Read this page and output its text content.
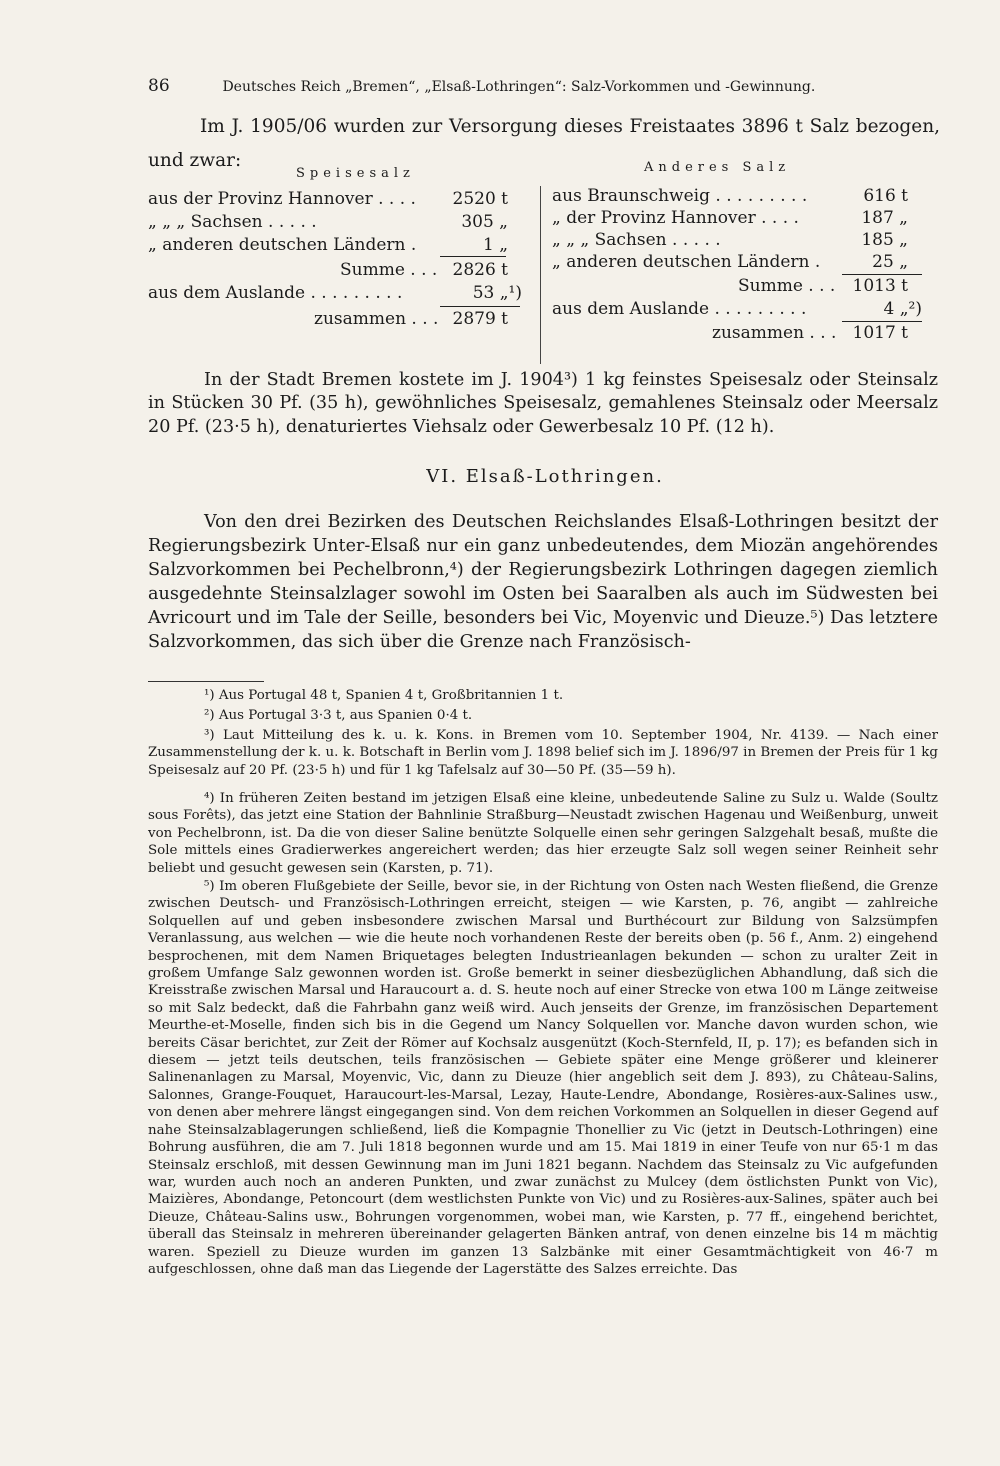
86	Deutsches Reich „Bremen“, „Elsaß-Lothringen“: Salz-Vorkommen und -Gewinnung.
Im J. 1905/06 wurden zur Versorgung dieses Freistaates 3896 t Salz bezogen,
und zwar:
Speisesalz
aus der Provinz Hannover . . . .	2520 t
„ „ „ Sachsen . . . . .	305 „
„ anderen deutschen Ländern .	1 „
Summe . . . 2826 t
aus dem Auslande . . . . . . . . .	53 „¹)
zusammen . . . 2879 t
Anderes Salz
aus Braunschweig . . . . . . . . .	616 t
„ der Provinz Hannover . . . .	187 „
„ „ „ Sachsen . . . . .	185 „
„ anderen deutschen Ländern .	25 „
Summe . . .	1013 t
aus dem Auslande . . . . . . . . .	4 „²)
zusammen . . . 1017 t
In der Stadt Bremen kostete im J. 1904³) 1 kg feinstes Speisesalz oder Steinsalz in Stücken 30 Pf. (35 h), gewöhnliches Speisesalz, gemahlenes Steinsalz oder Meersalz 20 Pf. (23·5 h), denaturiertes Viehsalz oder Gewerbesalz 10 Pf. (12 h).
VI. Elsaß-Lothringen.
Von den drei Bezirken des Deutschen Reichslandes Elsaß-Lothringen besitzt der Regierungsbezirk Unter-Elsaß nur ein ganz unbedeutendes, dem Miozän angehörendes Salzvorkommen bei Pechelbronn,⁴) der Regierungsbezirk Lothringen dagegen ziemlich ausgedehnte Steinsalzlager sowohl im Osten bei Saaralben als auch im Südwesten bei Avricourt und im Tale der Seille, besonders bei Vic, Moyenvic und Dieuze.⁵) Das letztere Salzvorkommen, das sich über die Grenze nach Französisch-
¹) Aus Portugal 48 t, Spanien 4 t, Großbritannien 1 t.
²) Aus Portugal 3·3 t, aus Spanien 0·4 t.
³) Laut Mitteilung des k. u. k. Kons. in Bremen vom 10. September 1904, Nr. 4139. — Nach einer Zusammenstellung der k. u. k. Botschaft in Berlin vom J. 1898 belief sich im J. 1896/97 in Bremen der Preis für 1 kg Speisesalz auf 20 Pf. (23·5 h) und für 1 kg Tafelsalz auf 30—50 Pf. (35—59 h).
⁴) In früheren Zeiten bestand im jetzigen Elsaß eine kleine, unbedeutende Saline zu Sulz u. Walde (Soultz sous Forêts), das jetzt eine Station der Bahnlinie Straßburg—Neustadt zwischen Hagenau und Weißenburg, unweit von Pechelbronn, ist. Da die von dieser Saline benützte Solquelle einen sehr geringen Salzgehalt besaß, mußte die Sole mittels eines Gradierwerkes angereichert werden; das hier erzeugte Salz soll wegen seiner Reinheit sehr beliebt und gesucht gewesen sein (Karsten, p. 71).
⁵) Im oberen Flußgebiete der Seille, bevor sie, in der Richtung von Osten nach Westen fließend, die Grenze zwischen Deutsch- und Französisch-Lothringen erreicht, steigen — wie Karsten, p. 76, angibt — zahlreiche Solquellen auf und geben insbesondere zwischen Marsal und Burthécourt zur Bildung von Salzsümpfen Veranlassung, aus welchen — wie die heute noch vorhandenen Reste der bereits oben (p. 56 f., Anm. 2) eingehend besprochenen, mit dem Namen Briquetages belegten Industrieanlagen bekunden — schon zu uralter Zeit in großem Umfange Salz gewonnen worden ist. Große bemerkt in seiner diesbezüglichen Abhandlung, daß sich die Kreisstraße zwischen Marsal und Haraucourt a. d. S. heute noch auf einer Strecke von etwa 100 m Länge zeitweise so mit Salz bedeckt, daß die Fahrbahn ganz weiß wird. Auch jenseits der Grenze, im französischen Departement Meurthe-et-Moselle, finden sich bis in die Gegend um Nancy Solquellen vor. Manche davon wurden schon, wie bereits Cäsar berichtet, zur Zeit der Römer auf Kochsalz ausgenützt (Koch-Sternfeld, II, p. 17); es befanden sich in diesem — jetzt teils deutschen, teils französischen — Gebiete später eine Menge größerer und kleinerer Salinenanlagen zu Marsal, Moyenvic, Vic, dann zu Dieuze (hier angeblich seit dem J. 893), zu Château-Salins, Salonnes, Grange-Fouquet, Haraucourt-les-Marsal, Lezay, Haute-Lendre, Abondange, Rosières-aux-Salines usw., von denen aber mehrere längst eingegangen sind. Von dem reichen Vorkommen an Solquellen in dieser Gegend auf nahe Steinsalzablagerungen schließend, ließ die Kompagnie Thonellier zu Vic (jetzt in Deutsch-Lothringen) eine Bohrung ausführen, die am 7. Juli 1818 begonnen wurde und am 15. Mai 1819 in einer Teufe von nur 65·1 m das Steinsalz erschloß, mit dessen Gewinnung man im Juni 1821 begann. Nachdem das Steinsalz zu Vic aufgefunden war, wurden auch noch an anderen Punkten, und zwar zunächst zu Mulcey (dem östlichsten Punkt von Vic), Maizières, Abondange, Petoncourt (dem westlichsten Punkte von Vic) und zu Rosières-aux-Salines, später auch bei Dieuze, Château-Salins usw., Bohrungen vorgenommen, wobei man, wie Karsten, p. 77 ff., eingehend berichtet, überall das Steinsalz in mehreren übereinander gelagerten Bänken antraf, von denen einzelne bis 14 m mächtig waren. Speziell zu Dieuze wurden im ganzen 13 Salzbänke mit einer Gesamtmächtigkeit von 46·7 m aufgeschlossen, ohne daß man das Liegende der Lagerstätte des Salzes erreichte. Das
